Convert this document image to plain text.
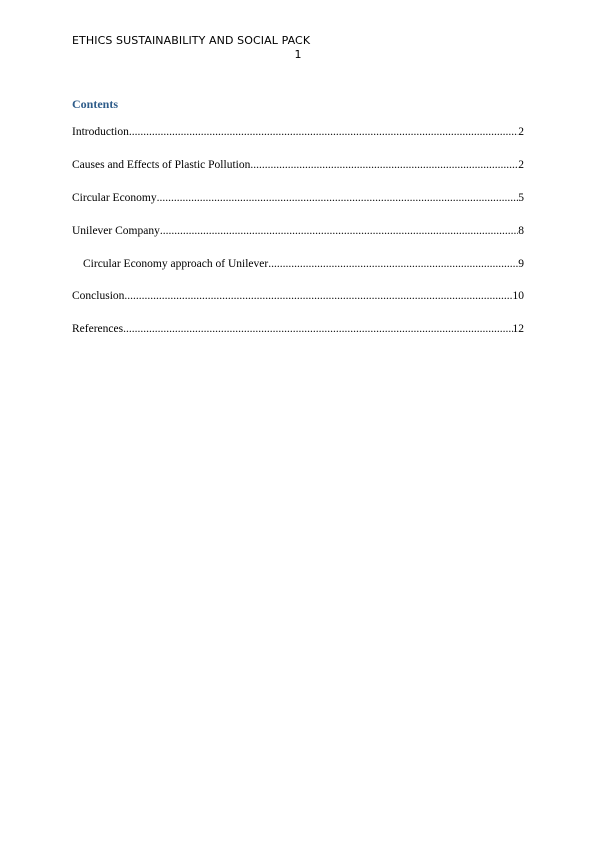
ETHICS SUSTAINABILITY AND SOCIAL PACK
1
Contents
Introduction .....	2
Causes and Effects of Plastic Pollution .....	2
Circular Economy .....	5
Unilever Company .....	8
Circular Economy approach of Unilever .....	9
Conclusion .....	10
References .....	12
